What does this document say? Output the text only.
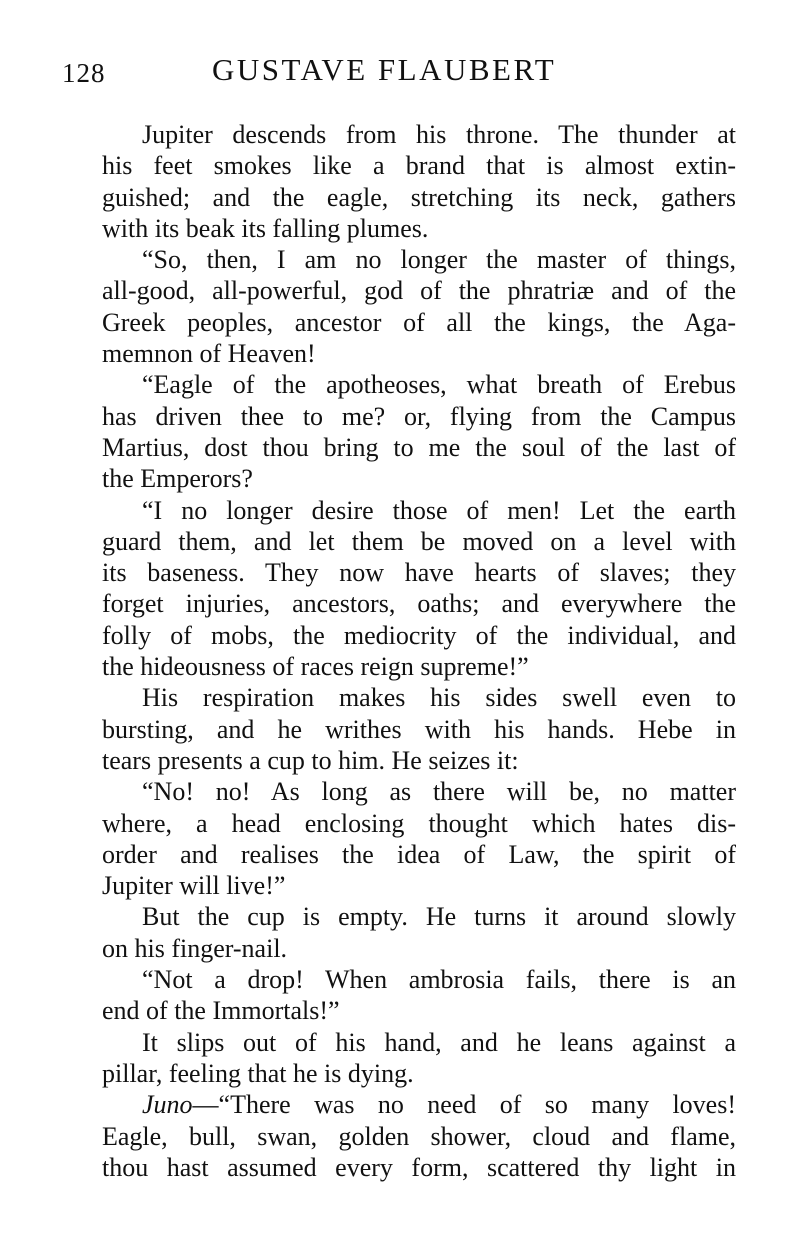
128	GUSTAVE FLAUBERT
Jupiter descends from his throne. The thunder at
his feet smokes like a brand that is almost extin-
guished; and the eagle, stretching its neck, gathers
with its beak its falling plumes.
“So, then, I am no longer the master of things,
all-good, all-powerful, god of the phratriæ and of the
Greek peoples, ancestor of all the kings, the Aga-
memnon of Heaven!
“Eagle of the apotheoses, what breath of Erebus
has driven thee to me? or, flying from the Campus
Martius, dost thou bring to me the soul of the last of
the Emperors?
“I no longer desire those of men! Let the earth
guard them, and let them be moved on a level with
its baseness. They now have hearts of slaves; they
forget injuries, ancestors, oaths; and everywhere the
folly of mobs, the mediocrity of the individual, and
the hideousness of races reign supreme!”
His respiration makes his sides swell even to
bursting, and he writhes with his hands. Hebe in
tears presents a cup to him. He seizes it:
“No! no! As long as there will be, no matter
where, a head enclosing thought which hates dis-
order and realises the idea of Law, the spirit of
Jupiter will live!”
But the cup is empty. He turns it around slowly
on his finger-nail.
“Not a drop! When ambrosia fails, there is an
end of the Immortals!”
It slips out of his hand, and he leans against a
pillar, feeling that he is dying.
Juno—“There was no need of so many loves!
Eagle, bull, swan, golden shower, cloud and flame,
thou hast assumed every form, scattered thy light in
